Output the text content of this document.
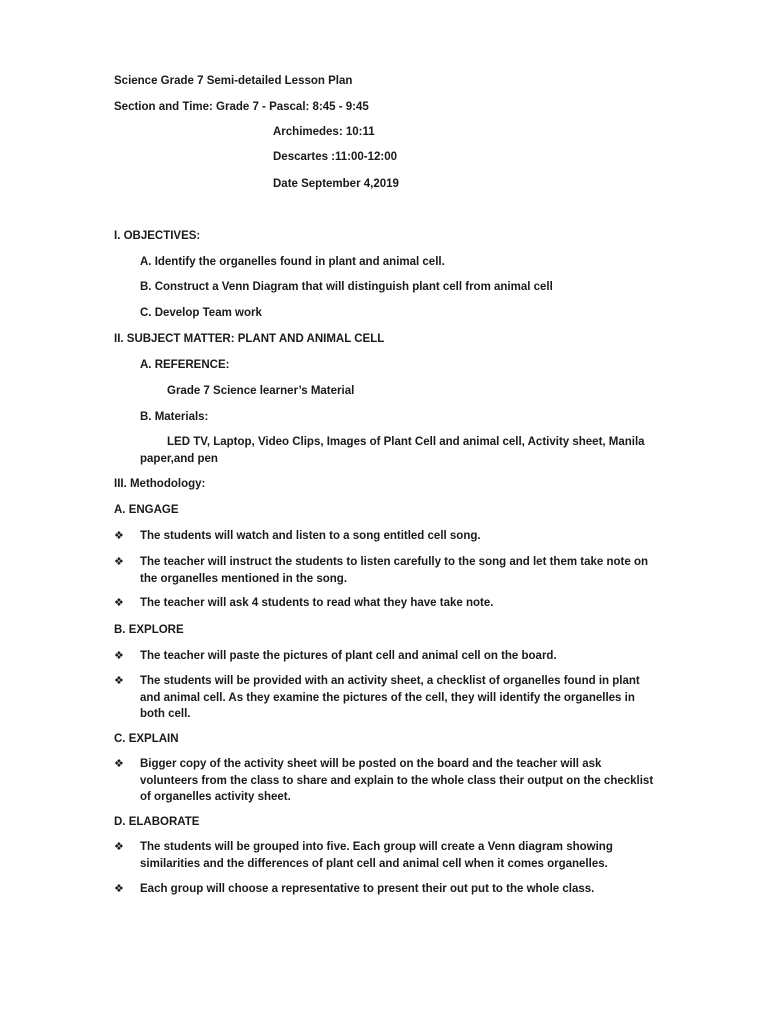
Science Grade 7 Semi-detailed Lesson Plan
Section and Time: Grade 7 - Pascal: 8:45 - 9:45
Archimedes: 10:11
Descartes :11:00-12:00
Date September 4,2019
I. OBJECTIVES:
A. Identify the organelles found in plant and animal cell.
B. Construct a Venn Diagram that will distinguish plant cell from animal cell
C. Develop Team work
II. SUBJECT MATTER: PLANT AND ANIMAL CELL
A. REFERENCE:
Grade 7 Science learner’s Material
B. Materials:
LED TV, Laptop, Video Clips, Images of Plant Cell and animal cell, Activity sheet, Manila
paper,and pen
III. Methodology:
A. ENGAGE
❖	The students will watch and listen to a song entitled cell song.
❖	The teacher will instruct the students to listen carefully to the song and let them take note on the organelles mentioned in the song.
❖	The teacher will ask 4 students to read what they have take note.
B. EXPLORE
❖	The teacher will paste the pictures of plant cell and animal cell on the board.
❖	The students will be provided with an activity sheet, a checklist of organelles found in plant and animal cell. As they examine the pictures of the cell, they will identify the organelles in both cell.
C. EXPLAIN
❖	Bigger copy of the activity sheet will be posted on the board and the teacher will ask volunteers from the class to share and explain to the whole class their output on the checklist of organelles activity sheet.
D. ELABORATE
❖	The students will be grouped into five. Each group will create a Venn diagram showing similarities and the differences of plant cell and animal cell when it comes organelles.
❖	Each group will choose a representative to present their out put to the whole class.
